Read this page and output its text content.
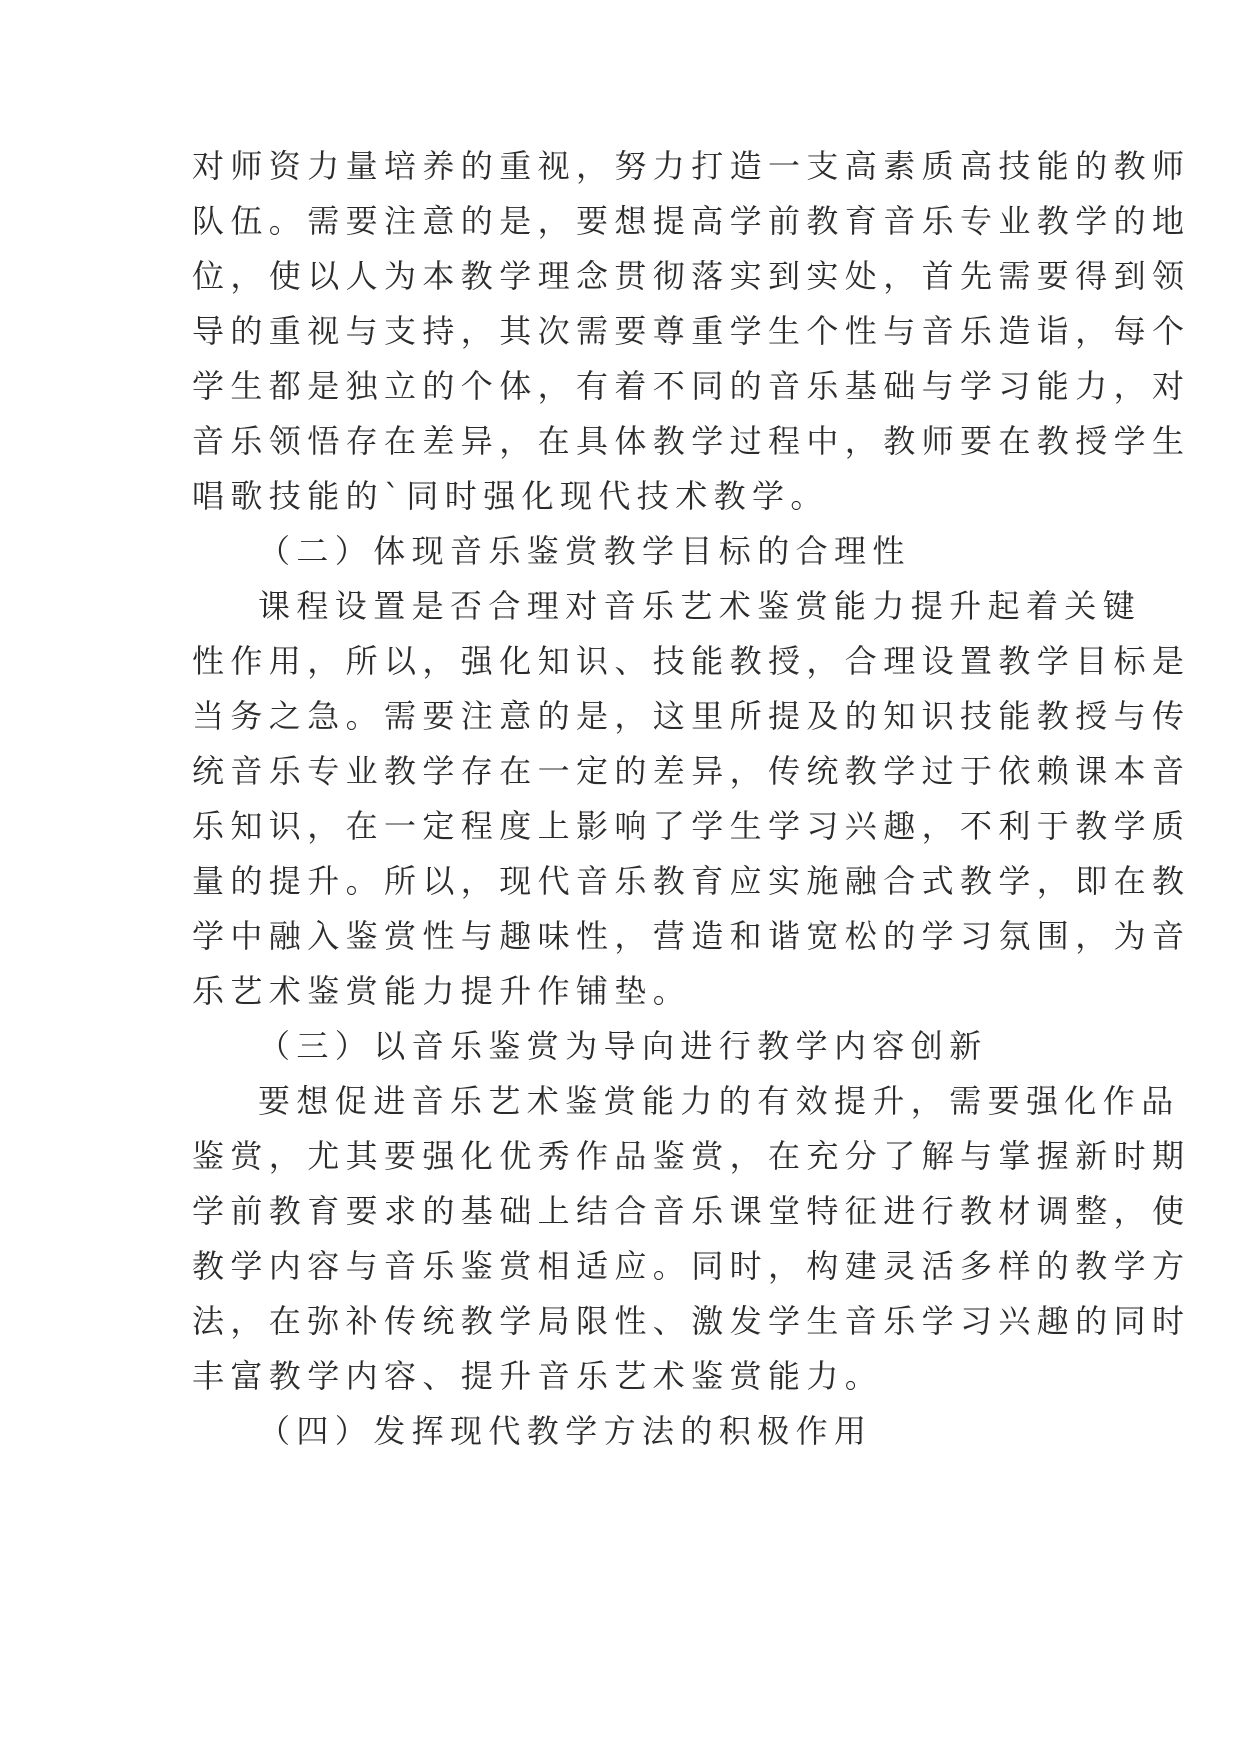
对师资力量培养的重视，努力打造一支高素质高技能的教师

队伍。需要注意的是，要想提高学前教育音乐专业教学的地

位，使以人为本教学理念贯彻落实到实处，首先需要得到领

导的重视与支持，其次需要尊重学生个性与音乐造诣，每个

学生都是独立的个体，有着不同的音乐基础与学习能力，对

音乐领悟存在差异，在具体教学过程中，教师要在教授学生

唱歌技能的`同时强化现代技术教学。

（二）体现音乐鉴赏教学目标的合理性

课程设置是否合理对音乐艺术鉴赏能力提升起着关键

性作用，所以，强化知识、技能教授，合理设置教学目标是

当务之急。需要注意的是，这里所提及的知识技能教授与传

统音乐专业教学存在一定的差异，传统教学过于依赖课本音

乐知识，在一定程度上影响了学生学习兴趣，不利于教学质

量的提升。所以，现代音乐教育应实施融合式教学，即在教

学中融入鉴赏性与趣味性，营造和谐宽松的学习氛围，为音

乐艺术鉴赏能力提升作铺垫。

（三）以音乐鉴赏为导向进行教学内容创新

要想促进音乐艺术鉴赏能力的有效提升，需要强化作品

鉴赏，尤其要强化优秀作品鉴赏，在充分了解与掌握新时期

学前教育要求的基础上结合音乐课堂特征进行教材调整，使

教学内容与音乐鉴赏相适应。同时，构建灵活多样的教学方

法，在弥补传统教学局限性、激发学生音乐学习兴趣的同时

丰富教学内容、提升音乐艺术鉴赏能力。

（四）发挥现代教学方法的积极作用
